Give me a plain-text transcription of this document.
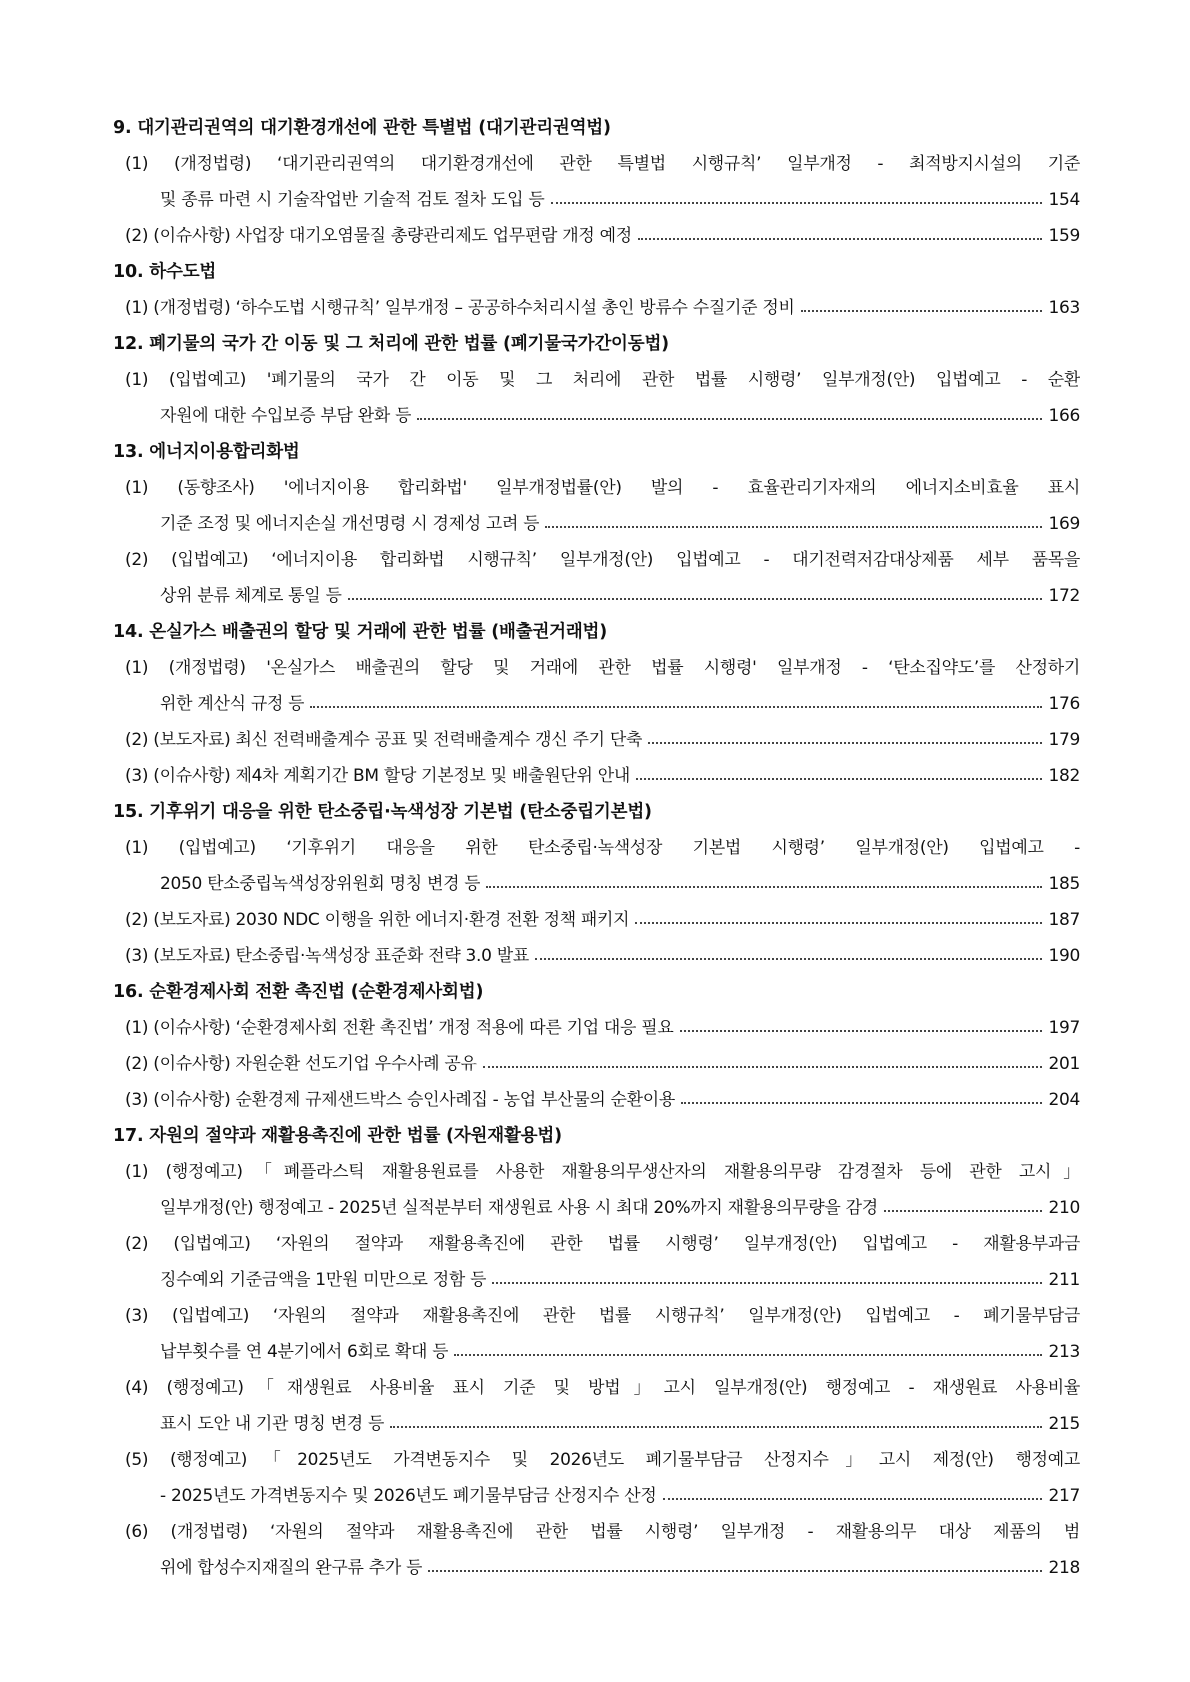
9. 대기관리권역의 대기환경개선에 관한 특별법 (대기관리권역법)
(1) (개정법령) ‘대기관리권역의 대기환경개선에 관한 특별법 시행규칙’ 일부개정 - 최적방지시설의 기준
및 종류 마련 시 기술작업반 기술적 검토 절차 도입 등	154
(2) (이슈사항) 사업장 대기오염물질 총량관리제도 업무편람 개정 예정	159
10. 하수도법
(1) (개정법령) ‘하수도법 시행규칙’ 일부개정 – 공공하수처리시설 총인 방류수 수질기준 정비	163
12. 폐기물의 국가 간 이동 및 그 처리에 관한 법률 (폐기물국가간이동법)
(1) (입법예고) '폐기물의 국가 간 이동 및 그 처리에 관한 법률 시행령’ 일부개정(안) 입법예고 - 순환
자원에 대한 수입보증 부담 완화 등	166
13. 에너지이용합리화법
(1) (동향조사) '에너지이용 합리화법' 일부개정법률(안) 발의 - 효율관리기자재의 에너지소비효율 표시
기준 조정 및 에너지손실 개선명령 시 경제성 고려 등	169
(2) (입법예고) ‘에너지이용 합리화법 시행규칙’ 일부개정(안) 입법예고 - 대기전력저감대상제품 세부 품목을
상위 분류 체계로 통일 등	172
14. 온실가스 배출권의 할당 및 거래에 관한 법률 (배출권거래법)
(1) (개정법령) '온실가스 배출권의 할당 및 거래에 관한 법률 시행령' 일부개정 - ‘탄소집약도’를 산정하기
위한 계산식 규정 등	176
(2) (보도자료) 최신 전력배출계수 공표 및 전력배출계수 갱신 주기 단축	179
(3) (이슈사항) 제4차 계획기간 BM 할당 기본정보 및 배출원단위 안내	182
15. 기후위기 대응을 위한 탄소중립·녹색성장 기본법 (탄소중립기본법)
(1) (입법예고) ‘기후위기 대응을 위한 탄소중립·녹색성장 기본법 시행령’ 일부개정(안) 입법예고 -
2050 탄소중립녹색성장위원회 명칭 변경 등	185
(2) (보도자료) 2030 NDC 이행을 위한 에너지·환경 전환 정책 패키지	187
(3) (보도자료) 탄소중립·녹색성장 표준화 전략 3.0 발표	190
16. 순환경제사회 전환 촉진법 (순환경제사회법)
(1) (이슈사항) ‘순환경제사회 전환 촉진법’ 개정 적용에 따른 기업 대응 필요	197
(2) (이슈사항) 자원순환 선도기업 우수사례 공유	201
(3) (이슈사항) 순환경제 규제샌드박스 승인사례집 - 농업 부산물의 순환이용	204
17. 자원의 절약과 재활용촉진에 관한 법률 (자원재활용법)
(1) (행정예고)「폐플라스틱 재활용원료를 사용한 재활용의무생산자의 재활용의무량 감경절차 등에 관한 고시」
일부개정(안) 행정예고 - 2025년 실적분부터 재생원료 사용 시 최대 20%까지 재활용의무량을 감경	210
(2) (입법예고) ‘자원의 절약과 재활용촉진에 관한 법률 시행령’ 일부개정(안) 입법예고 - 재활용부과금
징수예외 기준금액을 1만원 미만으로 정함 등	211
(3) (입법예고) ‘자원의 절약과 재활용촉진에 관한 법률 시행규칙’ 일부개정(안) 입법예고 - 폐기물부담금
납부횟수를 연 4분기에서 6회로 확대 등	213
(4) (행정예고)「재생원료 사용비율 표시 기준 및 방법」고시 일부개정(안) 행정예고 - 재생원료 사용비율
표시 도안 내 기관 명칭 변경 등	215
(5) (행정예고)「2025년도 가격변동지수 및 2026년도 폐기물부담금 산정지수」고시 제정(안) 행정예고
- 2025년도 가격변동지수 및 2026년도 폐기물부담금 산정지수 산정	217
(6) (개정법령) ‘자원의 절약과 재활용촉진에 관한 법률 시행령’ 일부개정 - 재활용의무 대상 제품의 범
위에 합성수지재질의 완구류 추가 등	218
